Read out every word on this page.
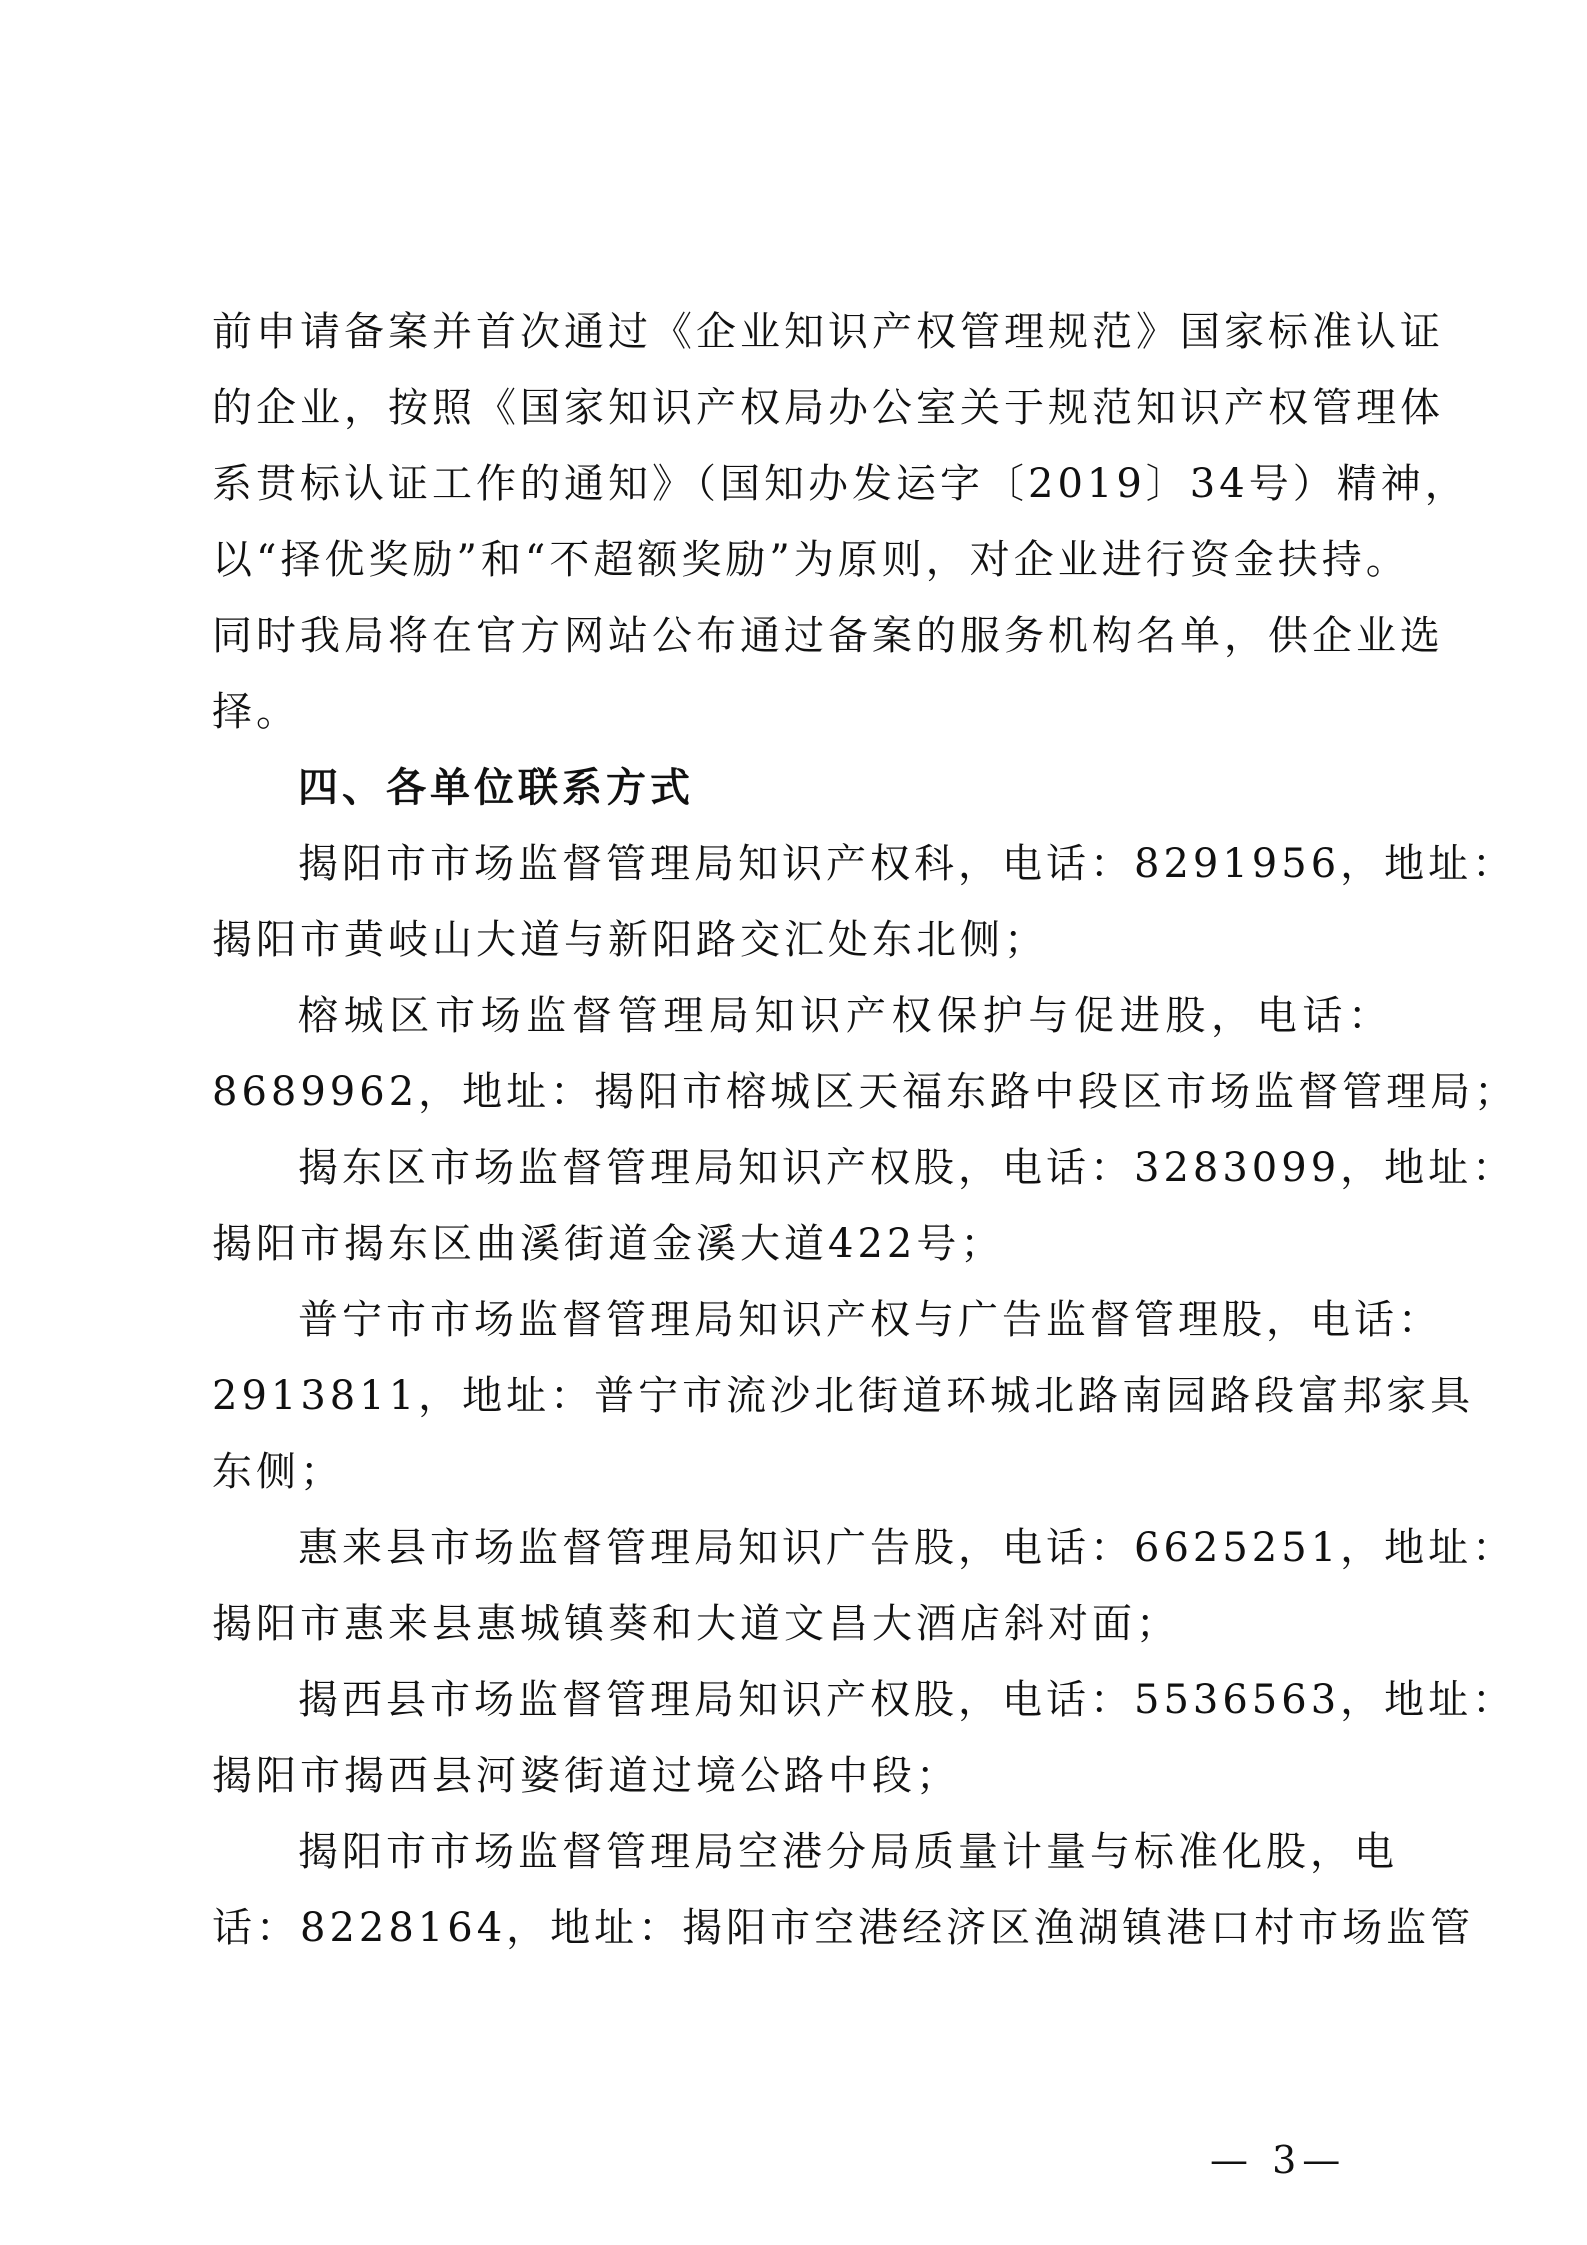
前申请备案并首次通过《企业知识产权管理规范》国家标准认证
的企业，按照《国家知识产权局办公室关于规范知识产权管理体
系贯标认证工作的通知》（国知办发运字〔2019〕34号）精神，
以“择优奖励”和“不超额奖励”为原则，对企业进行资金扶持。
同时我局将在官方网站公布通过备案的服务机构名单，供企业选
择。
四、各单位联系方式
揭阳市市场监督管理局知识产权科，电话：8291956，地址：
揭阳市黄岐山大道与新阳路交汇处东北侧；
榕城区市场监督管理局知识产权保护与促进股，电话：
8689962，地址：揭阳市榕城区天福东路中段区市场监督管理局；
揭东区市场监督管理局知识产权股，电话：3283099，地址：
揭阳市揭东区曲溪街道金溪大道422号；
普宁市市场监督管理局知识产权与广告监督管理股，电话：
2913811，地址：普宁市流沙北街道环城北路南园路段富邦家具
东侧；
惠来县市场监督管理局知识广告股，电话：6625251，地址：
揭阳市惠来县惠城镇葵和大道文昌大酒店斜对面；
揭西县市场监督管理局知识产权股，电话：5536563，地址：
揭阳市揭西县河婆街道过境公路中段；
揭阳市市场监督管理局空港分局质量计量与标准化股，电
话：8228164，地址：揭阳市空港经济区渔湖镇港口村市场监管
— 3—
